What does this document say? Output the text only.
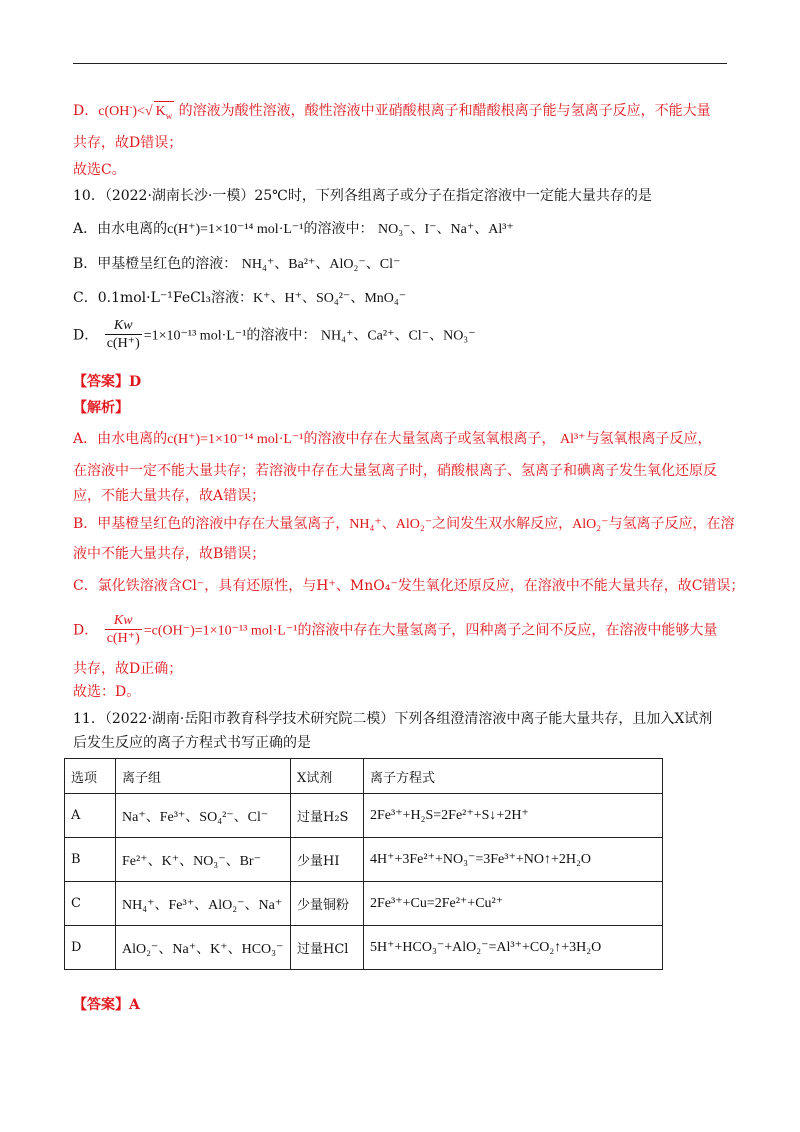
D．c(OH-)<√ $K_w$ 的溶液为酸性溶液，酸性溶液中亚硝酸根离子和醋酸根离子能与氢离子反应，不能大量
共存，故D错误；
故选C。
10．（2022·湖南长沙·一模）25℃时，下列各组离子或分子在指定溶液中一定能大量共存的是
A．由水电离的c(H⁺)=1×10⁻¹⁴ mol·L⁻¹的溶液中： NO₃⁻、I⁻、Na⁺、Al³⁺
B．甲基橙呈红色的溶液： NH₄⁺、Ba²⁺、AlO₂⁻、Cl⁻
C．0.1mol·L⁻¹FeCl₃溶液：K⁺、H⁺、SO₄²⁻、MnO₄⁻
D． $\frac{Kw}{c(H^+)} =1\times 10^{-13}$ mol·L⁻¹的溶液中： NH₄⁺、Ca²⁺、Cl⁻、NO₃⁻
【答案】D
【解析】
A．由水电离的c(H⁺)=1×10⁻¹⁴ mol·L⁻¹的溶液中存在大量氢离子或氢氧根离子， Al³⁺与氢氧根离子反应，
在溶液中一定不能大量共存；若溶液中存在大量氢离子时，硝酸根离子、氢离子和碘离子发生氧化还原反
应，不能大量共存，故A错误；
B．甲基橙呈红色的溶液中存在大量氢离子，NH₄⁺、AlO₂⁻之间发生双水解反应，AlO₂⁻与氢离子反应，在溶
液中不能大量共存，故B错误；
C．氯化铁溶液含Cl⁻，具有还原性，与H⁺、MnO₄⁻发生氧化还原反应，在溶液中不能大量共存，故C错误；
D． $\frac{Kw}{c(H^+)} =c(OH^-)=1\times 10^{-13}$ mol·L⁻¹的溶液中存在大量氢离子，四种离子之间不反应，在溶液中能够大量
共存，故D正确；
故选：D。
11．（2022·湖南·岳阳市教育科学技术研究院二模）下列各组澄清溶液中离子能大量共存，且加入X试剂
后发生反应的离子方程式书写正确的是
选项	离子组	X试剂	离子方程式
A	Na⁺、Fe³⁺、SO₄²⁻、Cl⁻	过量H₂S	2Fe³⁺+H₂S=2Fe²⁺+S↓+2H⁺
B	Fe²⁺、K⁺、NO₃⁻、Br⁻	少量HI	4H⁺+3Fe²⁺+NO₃⁻=3Fe³⁺+NO↑+2H₂O
C	NH₄⁺、Fe³⁺、AlO₂⁻、Na⁺	少量铜粉	2Fe³⁺+Cu=2Fe²⁺+Cu²⁺
D	AlO₂⁻、Na⁺、K⁺、HCO₃⁻	过量HCl	5H⁺+HCO₃⁻+AlO₂⁻=Al³⁺+CO₂↑+3H₂O
【答案】A
